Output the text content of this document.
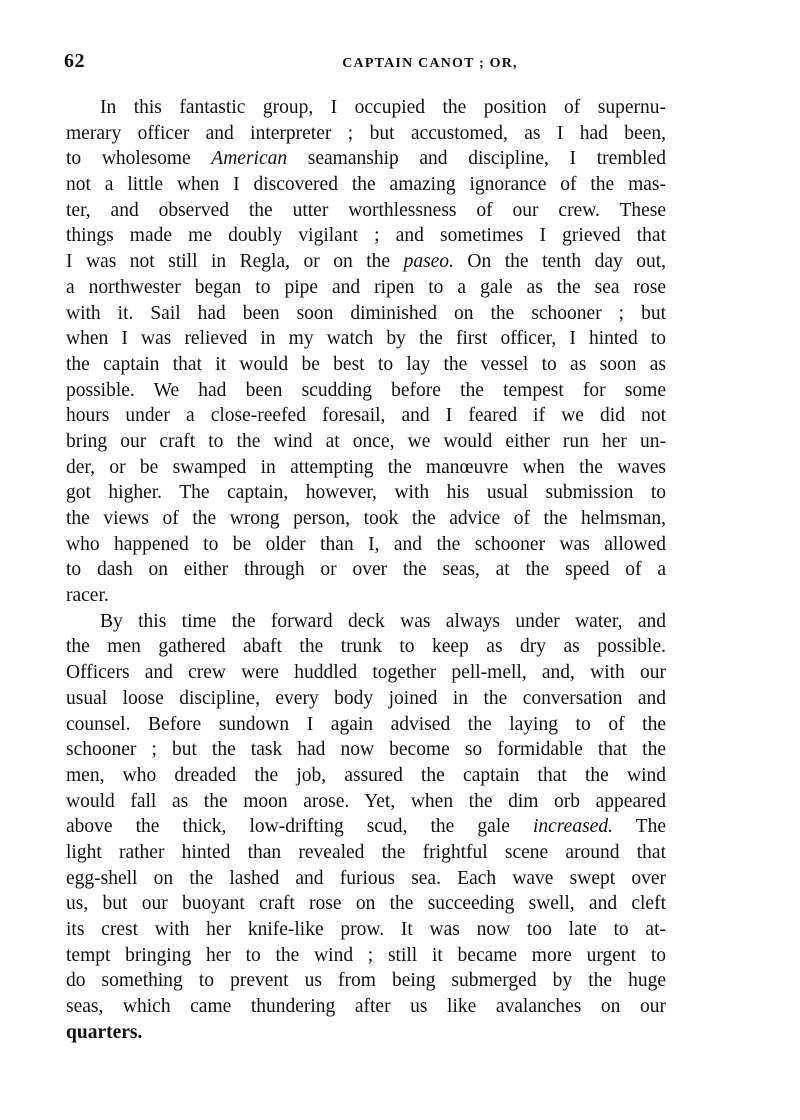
62	CAPTAIN CANOT ; OR,
In this fantastic group, I occupied the position of supernu-
merary officer and interpreter ; but accustomed, as I had been,
to wholesome American seamanship and discipline, I trembled
not a little when I discovered the amazing ignorance of the mas-
ter, and observed the utter worthlessness of our crew. These
things made me doubly vigilant ; and sometimes I grieved that
I was not still in Regla, or on the paseo. On the tenth day out,
a northwester began to pipe and ripen to a gale as the sea rose
with it. Sail had been soon diminished on the schooner ; but
when I was relieved in my watch by the first officer, I hinted to
the captain that it would be best to lay the vessel to as soon as
possible. We had been scudding before the tempest for some
hours under a close-reefed foresail, and I feared if we did not
bring our craft to the wind at once, we would either run her un-
der, or be swamped in attempting the manœuvre when the waves
got higher. The captain, however, with his usual submission to
the views of the wrong person, took the advice of the helmsman,
who happened to be older than I, and the schooner was allowed
to dash on either through or over the seas, at the speed of a
racer.
By this time the forward deck was always under water, and
the men gathered abaft the trunk to keep as dry as possible.
Officers and crew were huddled together pell-mell, and, with our
usual loose discipline, every body joined in the conversation and
counsel. Before sundown I again advised the laying to of the
schooner ; but the task had now become so formidable that the
men, who dreaded the job, assured the captain that the wind
would fall as the moon arose. Yet, when the dim orb appeared
above the thick, low-drifting scud, the gale increased. The
light rather hinted than revealed the frightful scene around that
egg-shell on the lashed and furious sea. Each wave swept over
us, but our buoyant craft rose on the succeeding swell, and cleft
its crest with her knife-like prow. It was now too late to at-
tempt bringing her to the wind ; still it became more urgent to
do something to prevent us from being submerged by the huge
seas, which came thundering after us like avalanches on our
quarters.
